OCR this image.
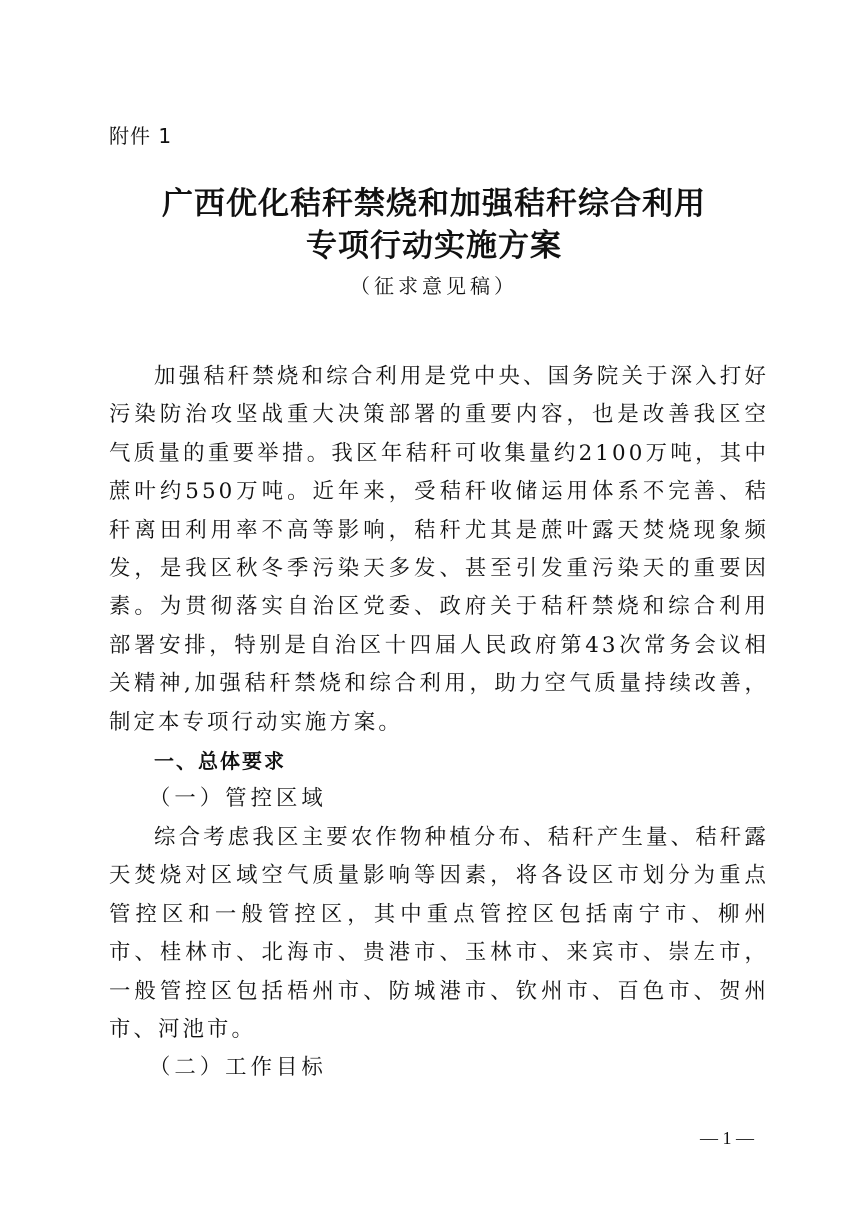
附件 1
广西优化秸秆禁烧和加强秸秆综合利用
专项行动实施方案
（征求意见稿）

加强秸秆禁烧和综合利用是党中央、国务院关于深入打好污染防治攻坚战重大决策部署的重要内容，也是改善我区空气质量的重要举措。我区年秸秆可收集量约2100万吨，其中蔗叶约550万吨。近年来，受秸秆收储运用体系不完善、秸秆离田利用率不高等影响，秸秆尤其是蔗叶露天焚烧现象频发，是我区秋冬季污染天多发、甚至引发重污染天的重要因素。为贯彻落实自治区党委、政府关于秸秆禁烧和综合利用部署安排，特别是自治区十四届人民政府第43次常务会议相关精神,加强秸秆禁烧和综合利用，助力空气质量持续改善，制定本专项行动实施方案。

一、总体要求

（一）管控区域

综合考虑我区主要农作物种植分布、秸秆产生量、秸秆露天焚烧对区域空气质量影响等因素，将各设区市划分为重点管控区和一般管控区，其中重点管控区包括南宁市、柳州市、桂林市、北海市、贵港市、玉林市、来宾市、崇左市，一般管控区包括梧州市、防城港市、钦州市、百色市、贺州市、河池市。

（二）工作目标

— 1 —
